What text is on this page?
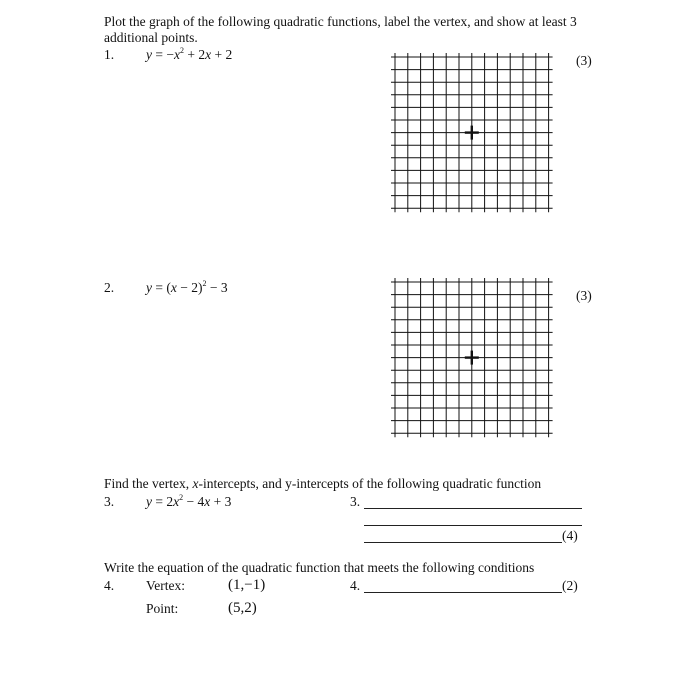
Plot the graph of the following quadratic functions, label the vertex, and show at least 3
additional points.
1. $y = -x^2 + 2x + 2$	(3)
2. $y = (x - 2)^2 - 3$
(3)
Find the vertex, x-intercepts, and y-intercepts of the following quadratic function
3. $y = 2x^2 - 4x + 3$	3.
(4)
Write the equation of the quadratic function that meets the following conditions
4. Vertex:	(1,−1)	4.	(2)
Point:	(5,2)
